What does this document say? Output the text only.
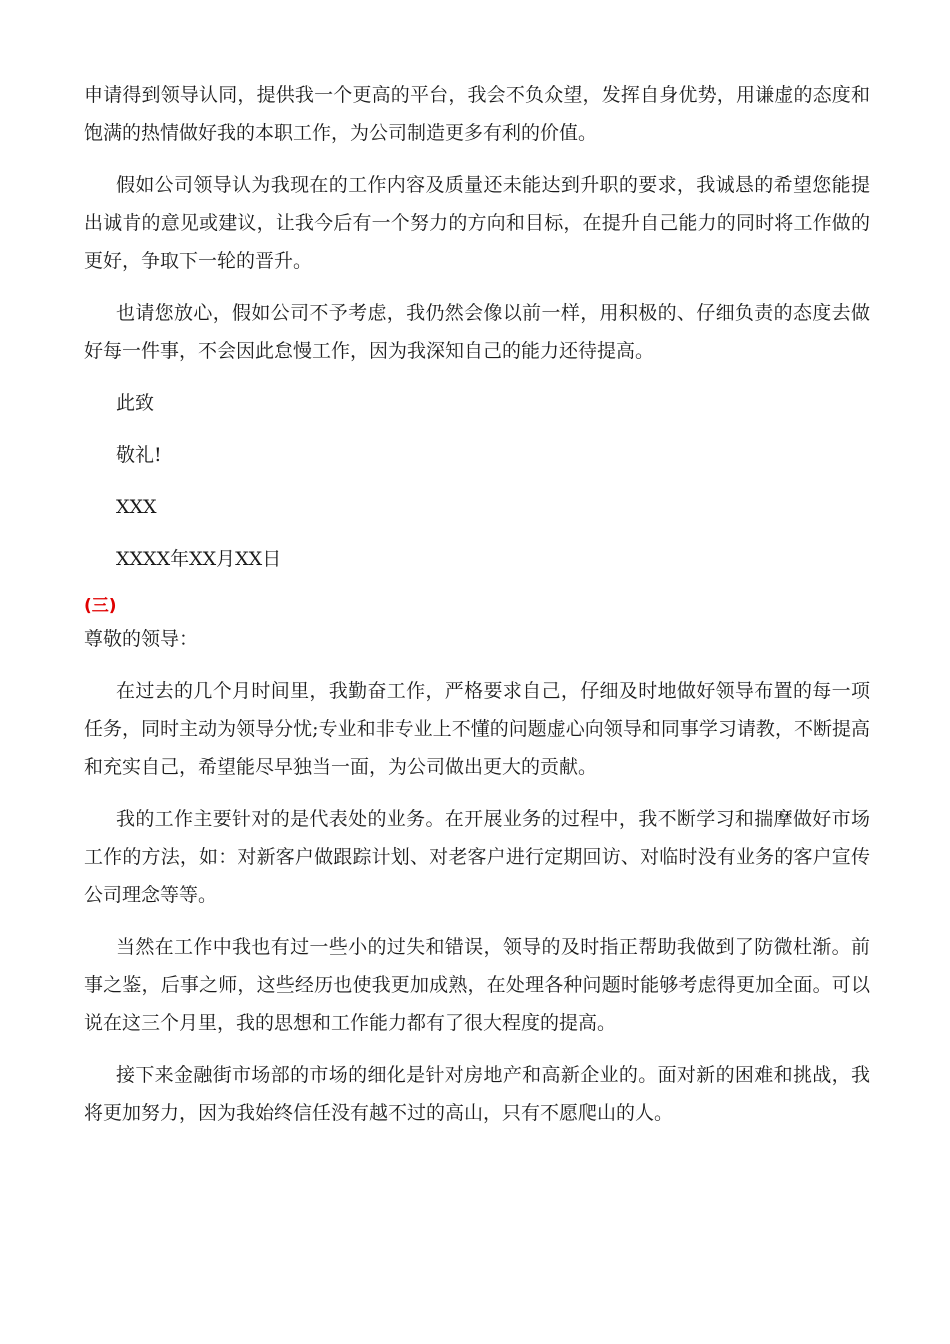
申请得到领导认同，提供我一个更高的平台，我会不负众望，发挥自身优势，用谦虚的态度和饱满的热情做好我的本职工作，为公司制造更多有利的价值。

假如公司领导认为我现在的工作内容及质量还未能达到升职的要求，我诚恳的希望您能提出诚肯的意见或建议，让我今后有一个努力的方向和目标，在提升自己能力的同时将工作做的更好，争取下一轮的晋升。

也请您放心，假如公司不予考虑，我仍然会像以前一样，用积极的、仔细负责的态度去做好每一件事，不会因此怠慢工作，因为我深知自己的能力还待提高。

此致
敬礼!
XXX
XXXX年XX月XX日
(三)
尊敬的领导：

在过去的几个月时间里，我勤奋工作，严格要求自己，仔细及时地做好领导布置的每一项任务，同时主动为领导分忧;专业和非专业上不懂的问题虚心向领导和同事学习请教，不断提高和充实自己，希望能尽早独当一面，为公司做出更大的贡献。

我的工作主要针对的是代表处的业务。在开展业务的过程中，我不断学习和揣摩做好市场工作的方法，如：对新客户做跟踪计划、对老客户进行定期回访、对临时没有业务的客户宣传公司理念等等。

当然在工作中我也有过一些小的过失和错误，领导的及时指正帮助我做到了防微杜渐。前事之鉴，后事之师，这些经历也使我更加成熟，在处理各种问题时能够考虑得更加全面。可以说在这三个月里，我的思想和工作能力都有了很大程度的提高。

接下来金融街市场部的市场的细化是针对房地产和高新企业的。面对新的困难和挑战，我将更加努力，因为我始终信任没有越不过的高山，只有不愿爬山的人。
